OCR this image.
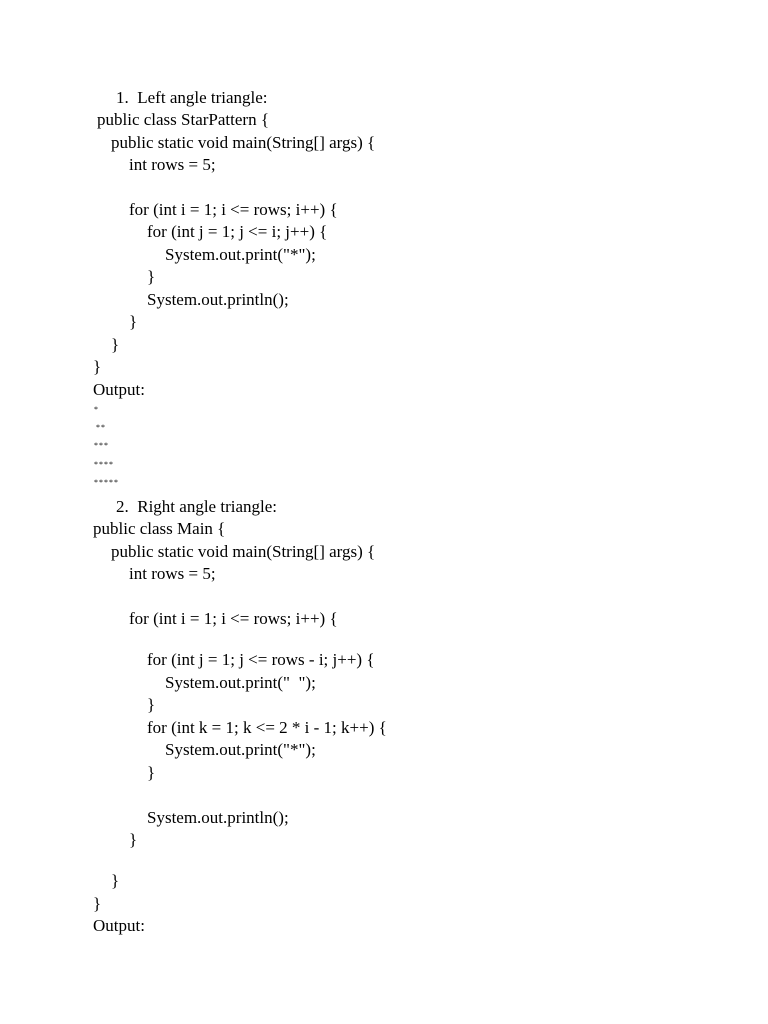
1.  Left angle triangle:
public class StarPattern {
public static void main(String[] args) {
int rows = 5;
for (int i = 1; i <= rows; i++) {
for (int j = 1; j <= i; j++) {
System.out.print("*");
}
System.out.println();
}
}
}
Output:
*
**
***
****
*****
2.  Right angle triangle:
public class Main {
public static void main(String[] args) {
int rows = 5;
for (int i = 1; i <= rows; i++) {
for (int j = 1; j <= rows - i; j++) {
System.out.print("  ");
}
for (int k = 1; k <= 2 * i - 1; k++) {
System.out.print("*");
}
System.out.println();
}
}
}
Output:
